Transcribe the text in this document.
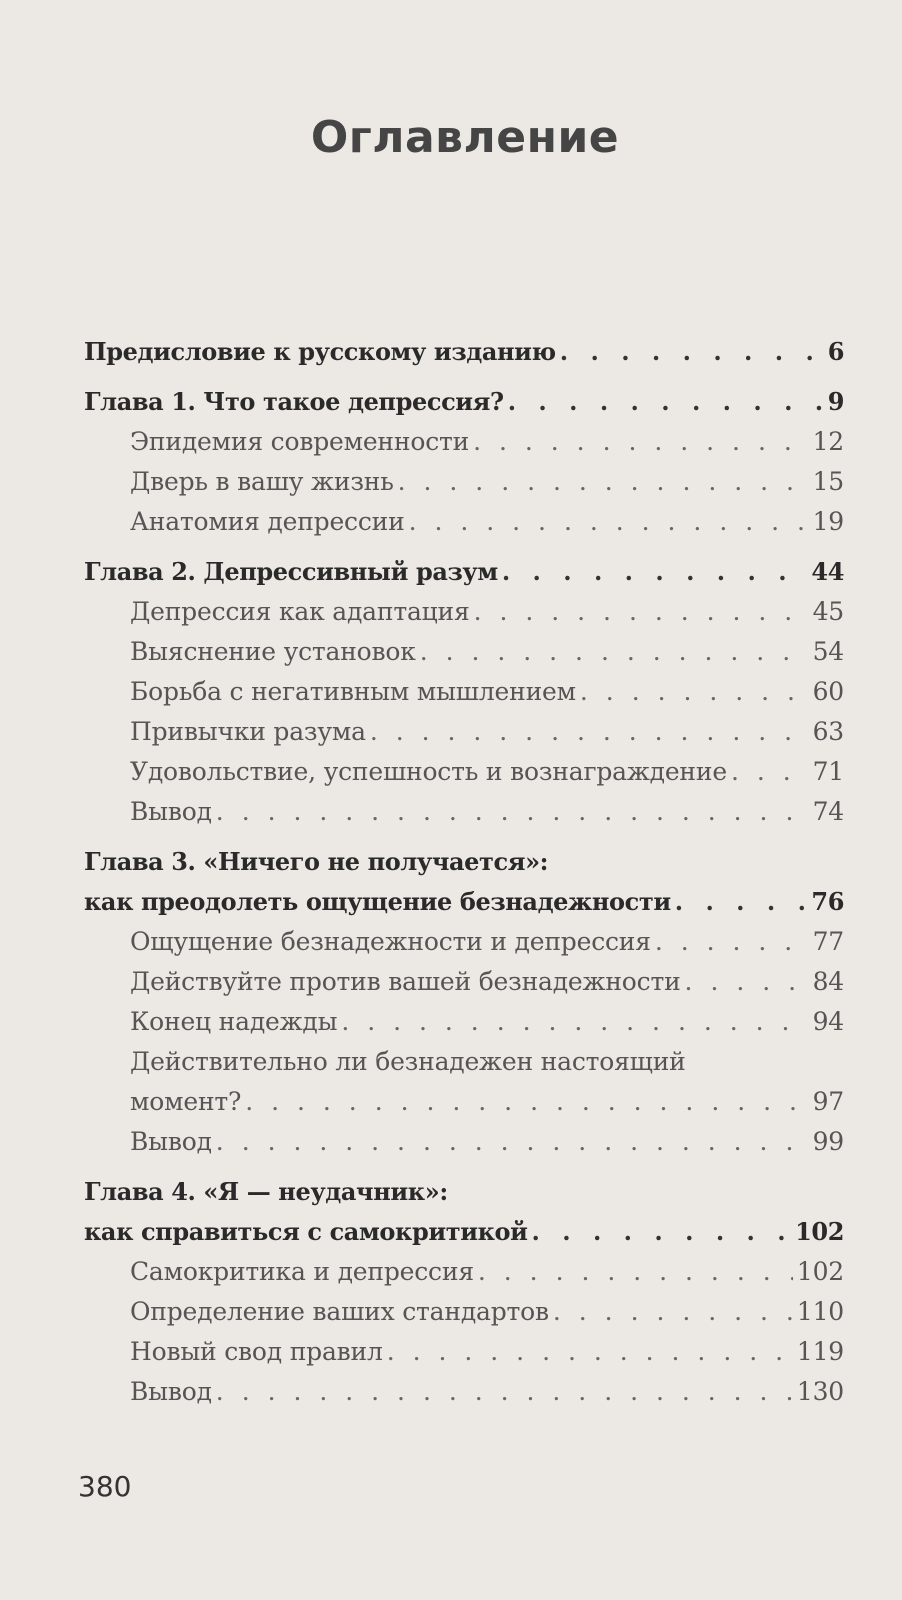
Оглавление
Предисловие к русскому изданию . . .	6
Глава 1. Что такое депрессия? . . .	9
Эпидемия современности . . .	12
Дверь в вашу жизнь . . .	15
Анатомия депрессии . . .	19
Глава 2. Депрессивный разум . . .	44
Депрессия как адаптация . . .	45
Выяснение установок . . .	54
Борьба с негативным мышлением . . .	60
Привычки разума . . .	63
Удовольствие, успешность и вознаграждение . . .	71
Вывод . . .	74
Глава 3. «Ничего не получается»:
как преодолеть ощущение безнадежности . . .	76
Ощущение безнадежности и депрессия . . .	77
Действуйте против вашей безнадежности . . .	84
Конец надежды . . .	94
Действительно ли безнадежен настоящий
момент? . . .	97
Вывод . . .	99
Глава 4. «Я — неудачник»:
как справиться с самокритикой . . .	102
Самокритика и депрессия . . .	102
Определение ваших стандартов . . .	110
Новый свод правил . . .	119
Вывод . . .	130
380
